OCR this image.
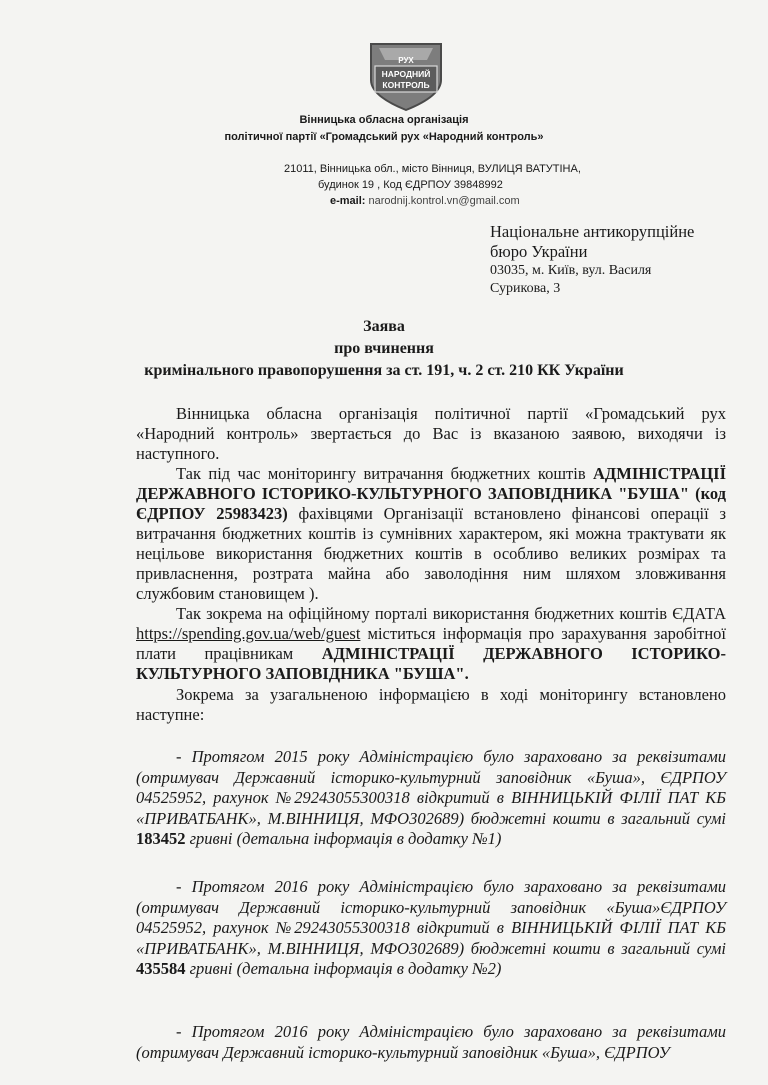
РУХ
НАРОДНИЙ
КОНТРОЛЬ
Вінницька обласна організація
політичної партії «Громадський рух «Народний контроль»
21011, Вінницька обл., місто Вінниця, ВУЛИЦЯ ВАТУТІНА,
будинок 19 , Код ЄДРПОУ 39848992
e-mail: narodnij.kontrol.vn@gmail.com
Національне антикорупційне
бюро України
03035, м. Київ, вул. Василя
Сурикова, 3
Заява
про вчинення
кримінального правопорушення за ст. 191, ч. 2 ст. 210 КК України
Вінницька обласна організація політичної партії «Громадський рух «Народний контроль» звертається до Вас із вказаною заявою, виходячи із наступного.
Так під час моніторингу витрачання бюджетних коштів АДМІНІСТРАЦІЇ ДЕРЖАВНОГО ІСТОРИКО-КУЛЬТУРНОГО ЗАПОВІДНИКА "БУША" (код ЄДРПОУ 25983423) фахівцями Організації встановлено фінансові операції з витрачання бюджетних коштів із сумнівних характером, які можна трактувати як нецільове використання бюджетних коштів в особливо великих розмірах та привласнення, розтрата майна або заволодіння ним шляхом зловживання службовим становищем ).
Так зокрема на офіційному порталі використання бюджетних коштів ЄДАТА https://spending.gov.ua/web/guest міститься інформація про зарахування заробітної плати працівникам АДМІНІСТРАЦІЇ ДЕРЖАВНОГО ІСТОРИКО-КУЛЬТУРНОГО ЗАПОВІДНИКА "БУША".
Зокрема за узагальненою інформацією в ході моніторингу встановлено наступне:
- Протягом 2015 року Адміністрацією було зараховано за реквізитами (отримувач Державний історико-культурний заповідник «Буша», ЄДРПОУ 04525952, рахунок №29243055300318 відкритий в ВІННИЦЬКІЙ ФІЛІЇ ПАТ КБ «ПРИВАТБАНК», М.ВІННИЦЯ, МФО302689) бюджетні кошти в загальний сумі 183452 гривні (детальна інформація в додатку №1)
- Протягом 2016 року Адміністрацією було зараховано за реквізитами (отримувач Державний історико-культурний заповідник «Буша»ЄДРПОУ 04525952, рахунок №29243055300318 відкритий в ВІННИЦЬКІЙ ФІЛІЇ ПАТ КБ «ПРИВАТБАНК», М.ВІННИЦЯ, МФО302689) бюджетні кошти в загальний сумі 435584 гривні (детальна інформація в додатку №2)
- Протягом 2016 року Адміністрацією було зараховано за реквізитами (отримувач Державний історико-культурний заповідник «Буша», ЄДРПОУ
